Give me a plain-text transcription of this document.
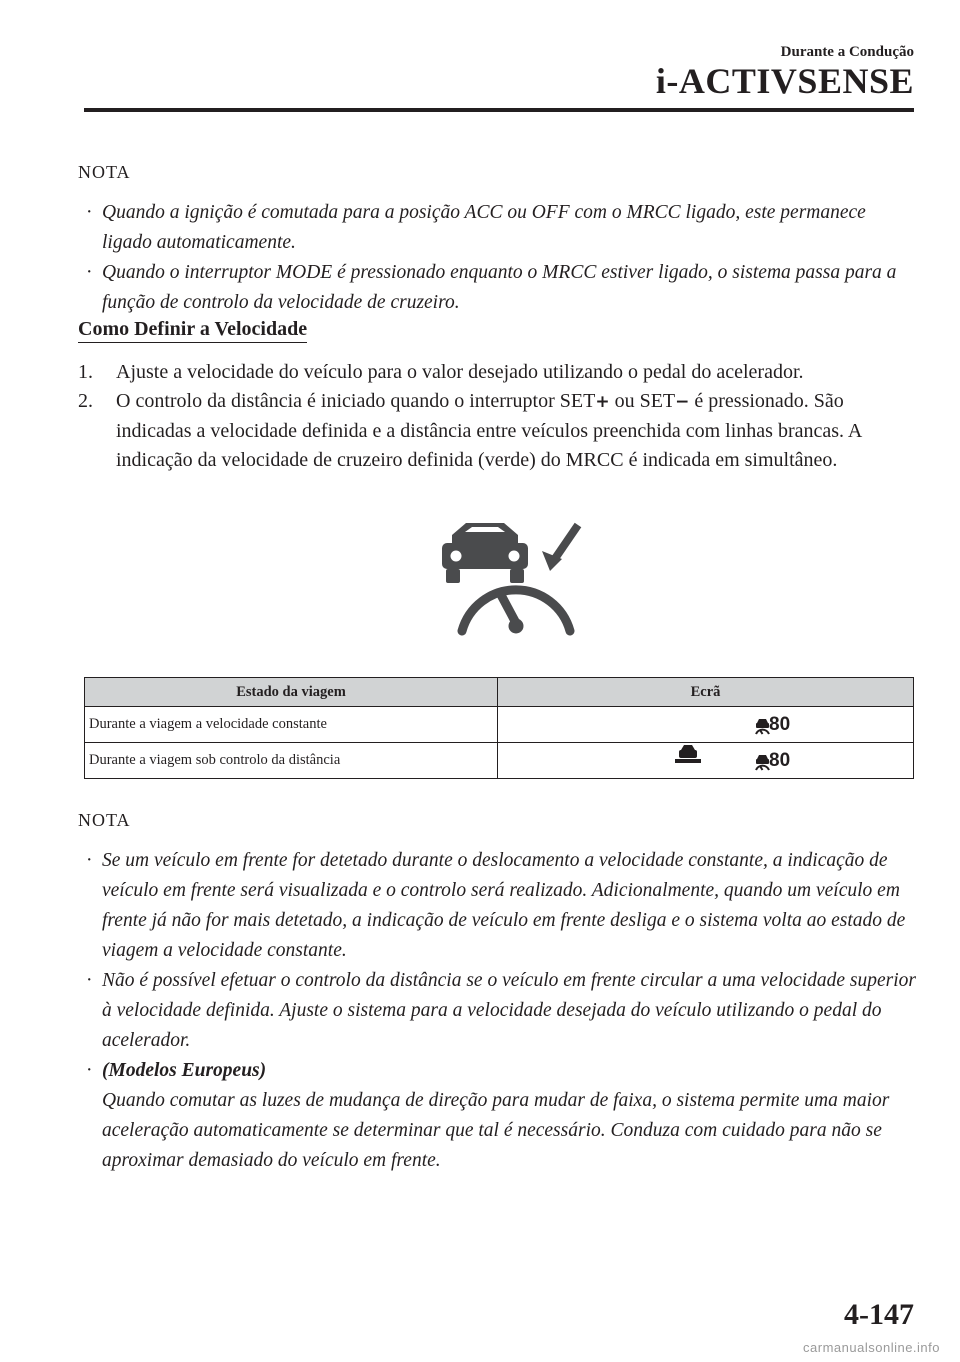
Durante a Condução
i-ACTIVSENSE
NOTA
· Quando a ignição é comutada para a posição ACC ou OFF com o MRCC ligado, este permanece ligado automaticamente.
· Quando o interruptor MODE é pressionado enquanto o MRCC estiver ligado, o sistema passa para a função de controlo da velocidade de cruzeiro.
Como Definir a Velocidade
1. Ajuste a velocidade do veículo para o valor desejado utilizando o pedal do acelerador.
2. O controlo da distância é iniciado quando o interruptor SET+ ou SET− é pressionado. São indicadas a velocidade definida e a distância entre veículos preenchida com linhas brancas. A indicação da velocidade de cruzeiro definida (verde) do MRCC é indicada em simultâneo.
Estado da viagem	Ecrã
Durante a viagem a velocidade constante	80

Durante a viagem sob controlo da distância	80
NOTA
· Se um veículo em frente for detetado durante o deslocamento a velocidade constante, a indicação de veículo em frente será visualizada e o controlo será realizado. Adicionalmente, quando um veículo em frente já não for mais detetado, a indicação de veículo em frente desliga e o sistema volta ao estado de viagem a velocidade constante.
· Não é possível efetuar o controlo da distância se o veículo em frente circular a uma velocidade superior à velocidade definida. Ajuste o sistema para a velocidade desejada do veículo utilizando o pedal do acelerador.
· (Modelos Europeus)
Quando comutar as luzes de mudança de direção para mudar de faixa, o sistema permite uma maior aceleração automaticamente se determinar que tal é necessário. Conduza com cuidado para não se aproximar demasiado do veículo em frente.
4-147
carmanualsonline.info
